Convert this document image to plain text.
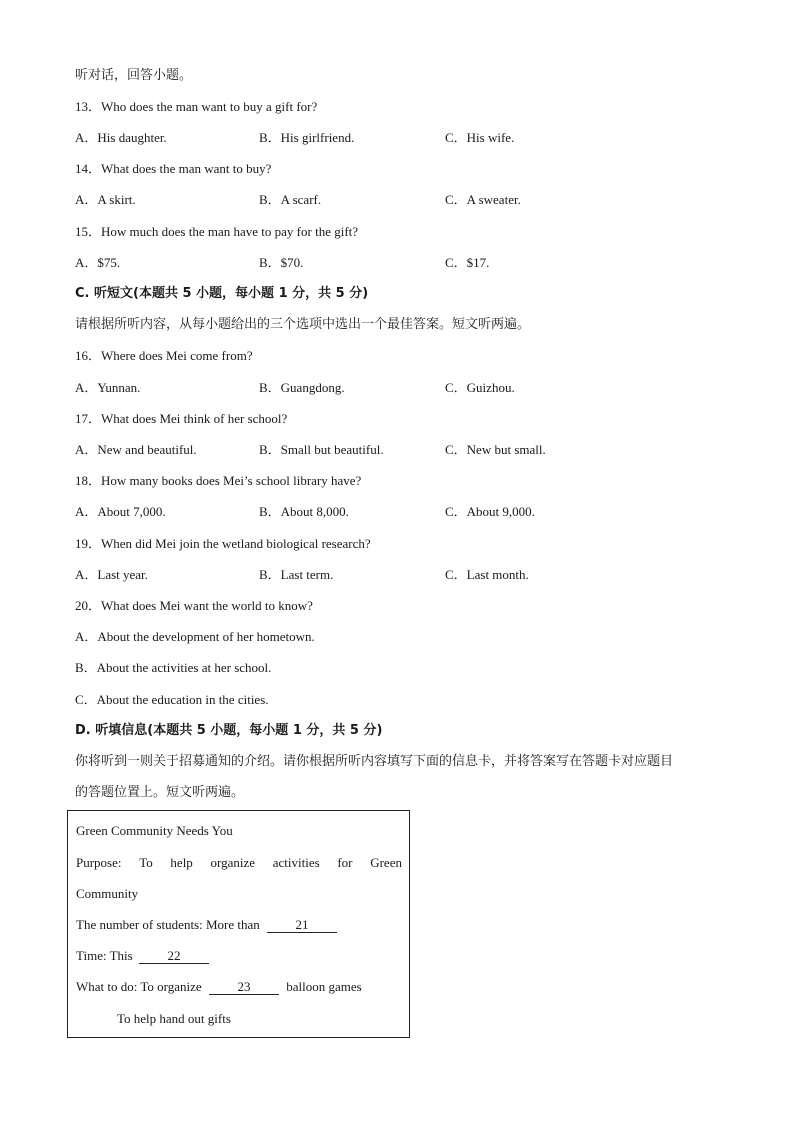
听对话，回答小题。
13．Who does the man want to buy a gift for?
A．His daughter.	B．His girlfriend.	C．His wife.
14．What does the man want to buy?
A．A skirt.	B．A scarf.	C．A sweater.
15．How much does the man have to pay for the gift?
A．$75.	B．$70.	C．$17.
C. 听短文(本题共 5 小题，每小题 1 分，共 5 分)
请根据所听内容，从每小题给出的三个选项中选出一个最佳答案。短文听两遍。
16．Where does Mei come from?
A．Yunnan.	B．Guangdong.	C．Guizhou.
17．What does Mei think of her school?
A．New and beautiful.	B．Small but beautiful.	C．New but small.
18．How many books does Mei’s school library have?
A．About 7,000.	B．About 8,000.	C．About 9,000.
19．When did Mei join the wetland biological research?
A．Last year.	B．Last term.	C．Last month.
20．What does Mei want the world to know?
A．About the development of her hometown.
B．About the activities at her school.
C．About the education in the cities.
D. 听填信息(本题共 5 小题，每小题 1 分，共 5 分)
你将听到一则关于招募通知的介绍。请你根据所听内容填写下面的信息卡，并将答案写在答题卡对应题目
的答题位置上。短文听两遍。
Green Community Needs You
Purpose: To help organize activities for Green
Community
The number of students: More than	21
Time: This	22
What to do: To organize	23	balloon games
To help hand out gifts
